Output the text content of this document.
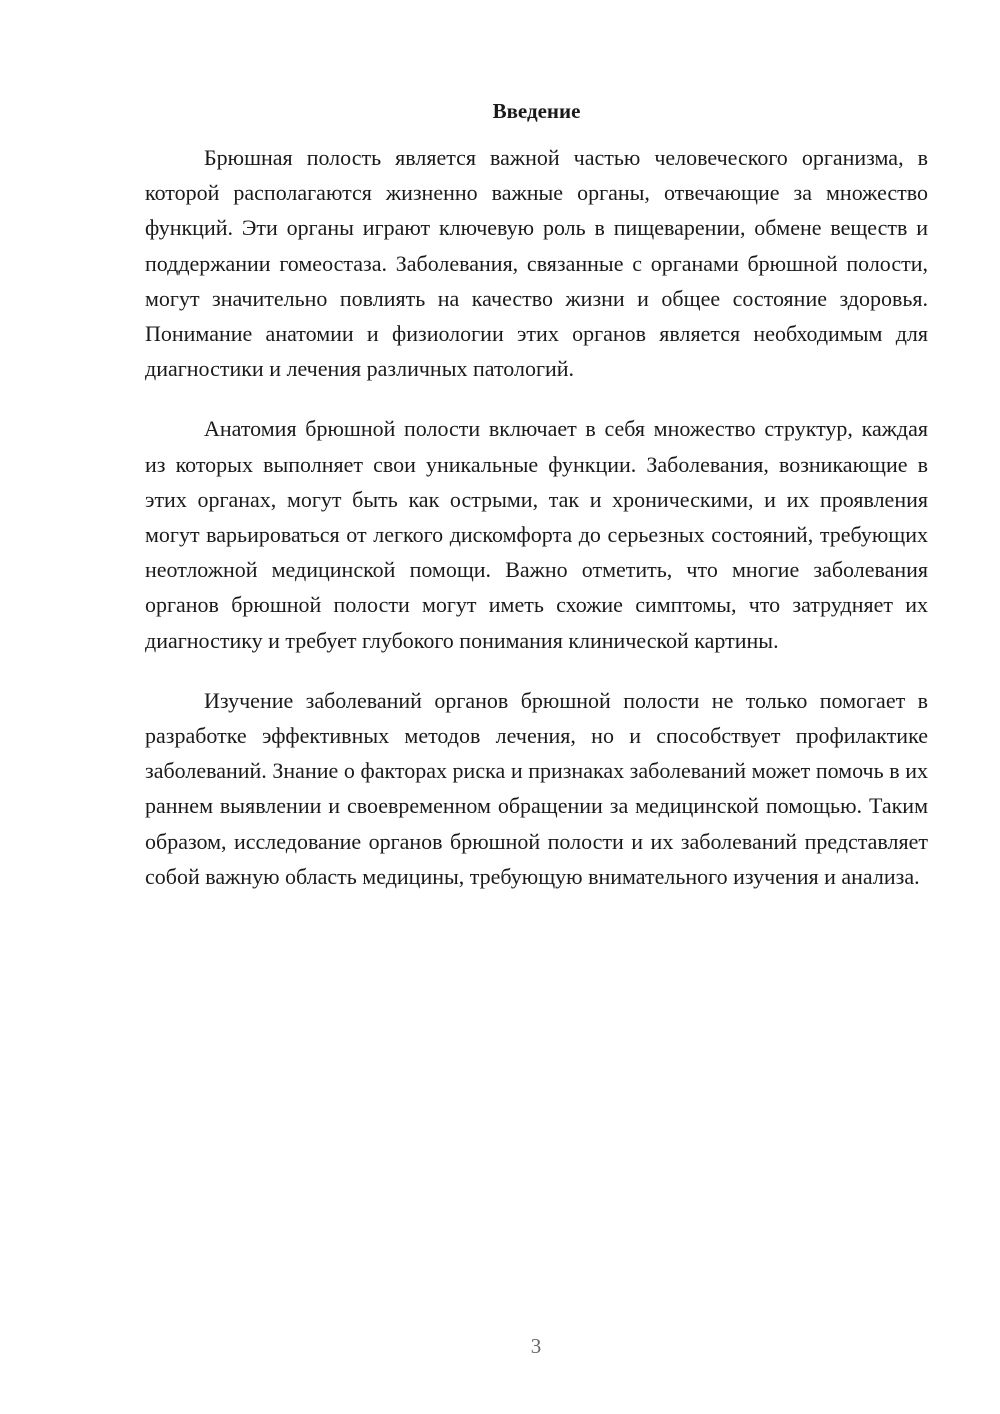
Введение

Брюшная полость является важной частью человеческого организма, в которой располагаются жизненно важные органы, отвечающие за множество функций. Эти органы играют ключевую роль в пищеварении, обмене веществ и поддержании гомеостаза. Заболевания, связанные с органами брюшной полости, могут значительно повлиять на качество жизни и общее состояние здоровья. Понимание анатомии и физиологии этих органов является необходимым для диагностики и лечения различных патологий.

Анатомия брюшной полости включает в себя множество структур, каждая из которых выполняет свои уникальные функции. Заболевания, возникающие в этих органах, могут быть как острыми, так и хроническими, и их проявления могут варьироваться от легкого дискомфорта до серьезных состояний, требующих неотложной медицинской помощи. Важно отметить, что многие заболевания органов брюшной полости могут иметь схожие симптомы, что затрудняет их диагностику и требует глубокого понимания клинической картины.

Изучение заболеваний органов брюшной полости не только помогает в разработке эффективных методов лечения, но и способствует профилактике заболеваний. Знание о факторах риска и признаках заболеваний может помочь в их раннем выявлении и своевременном обращении за медицинской помощью. Таким образом, исследование органов брюшной полости и их заболеваний представляет собой важную область медицины, требующую внимательного изучения и анализа.

3
